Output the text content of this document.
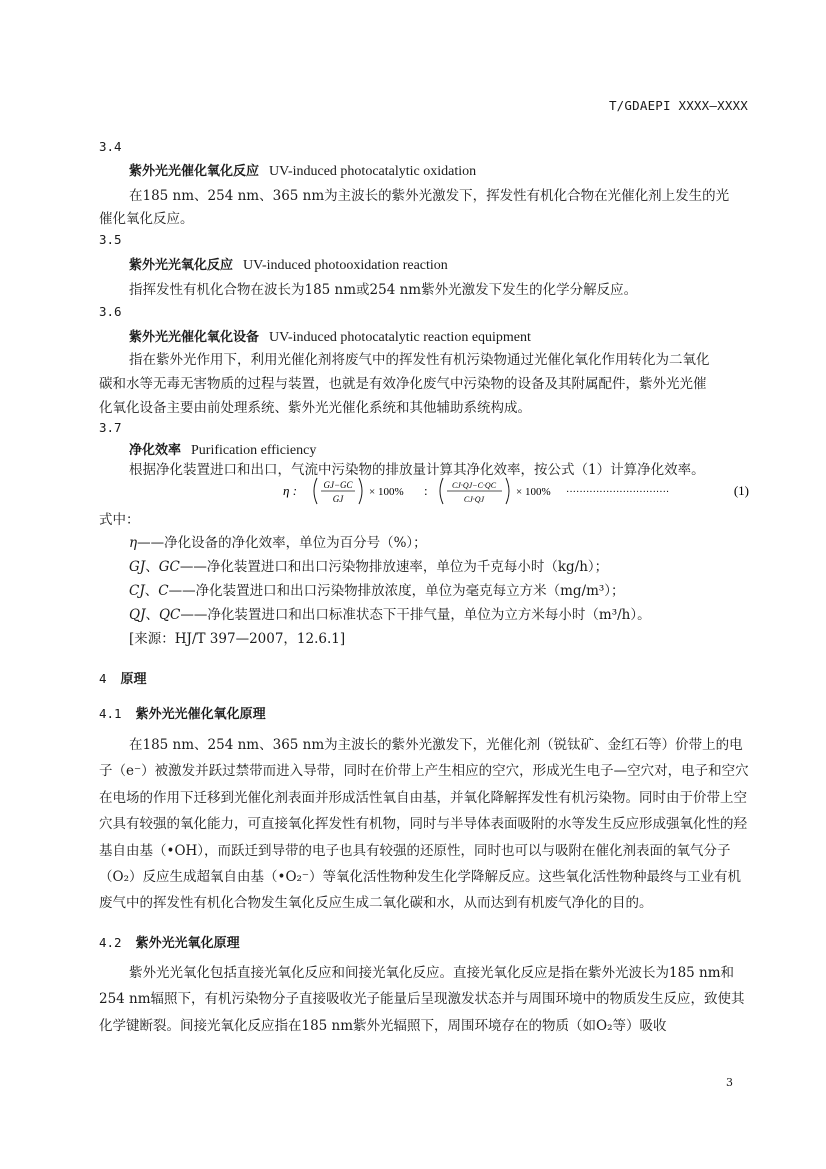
T/GDAEPI XXXX—XXXX
3.4
紫外光光催化氧化反应 UV-induced photocatalytic oxidation
在185 nm、254 nm、365 nm为主波长的紫外光激发下，挥发性有机化合物在光催化剂上发生的光
催化氧化反应。
3.5
紫外光光氧化反应 UV-induced photooxidation reaction
指挥发性有机化合物在波长为185 nm或254 nm紫外光激发下发生的化学分解反应。
3.6
紫外光光催化氧化设备 UV-induced photocatalytic reaction equipment
指在紫外光作用下，利用光催化剂将废气中的挥发性有机污染物通过光催化氧化作用转化为二氧化
碳和水等无毒无害物质的过程与装置，也就是有效净化废气中污染物的设备及其附属配件，紫外光光催
化氧化设备主要由前处理系统、紫外光光催化系统和其他辅助系统构成。
3.7
净化效率 Purification efficiency
根据净化装置进口和出口，气流中污染物的排放量计算其净化效率，按公式（1）计算净化效率。
η :	GJ−GC
GJ
× 100% :	CJ·QJ−C·QC
CJ·QJ
× 100% ·······························	(1)
式中：
η——净化设备的净化效率，单位为百分号（%）；
GJ、GC——净化装置进口和出口污染物排放速率，单位为千克每小时（kg/h）；
CJ、C——净化装置进口和出口污染物排放浓度，单位为毫克每立方米（mg/m³）；
QJ、QC——净化装置进口和出口标准状态下干排气量，单位为立方米每小时（m³/h）。
[来源：HJ/T 397—2007，12.6.1]
4 原理
4.1 紫外光光催化氧化原理
在185 nm、254 nm、365 nm为主波长的紫外光激发下，光催化剂（锐钛矿、金红石等）价带上的电子（e⁻）被激发并跃过禁带而进入导带，同时在价带上产生相应的空穴，形成光生电子—空穴对，电子和空穴在电场的作用下迁移到光催化剂表面并形成活性氧自由基，并氧化降解挥发性有机污染物。同时由于价带上空穴具有较强的氧化能力，可直接氧化挥发性有机物，同时与半导体表面吸附的水等发生反应形成强氧化性的羟基自由基（•OH），而跃迁到导带的电子也具有较强的还原性，同时也可以与吸附在催化剂表面的氧气分子（O₂）反应生成超氧自由基（•O₂⁻）等氧化活性物种发生化学降解反应。这些氧化活性物种最终与工业有机废气中的挥发性有机化合物发生氧化反应生成二氧化碳和水，从而达到有机废气净化的目的。
4.2 紫外光光氧化原理
紫外光光氧化包括直接光氧化反应和间接光氧化反应。直接光氧化反应是指在紫外光波长为185 nm和254 nm辐照下，有机污染物分子直接吸收光子能量后呈现激发状态并与周围环境中的物质发生反应，致使其化学键断裂。间接光氧化反应指在185 nm紫外光辐照下，周围环境存在的物质（如O₂等）吸收
3
